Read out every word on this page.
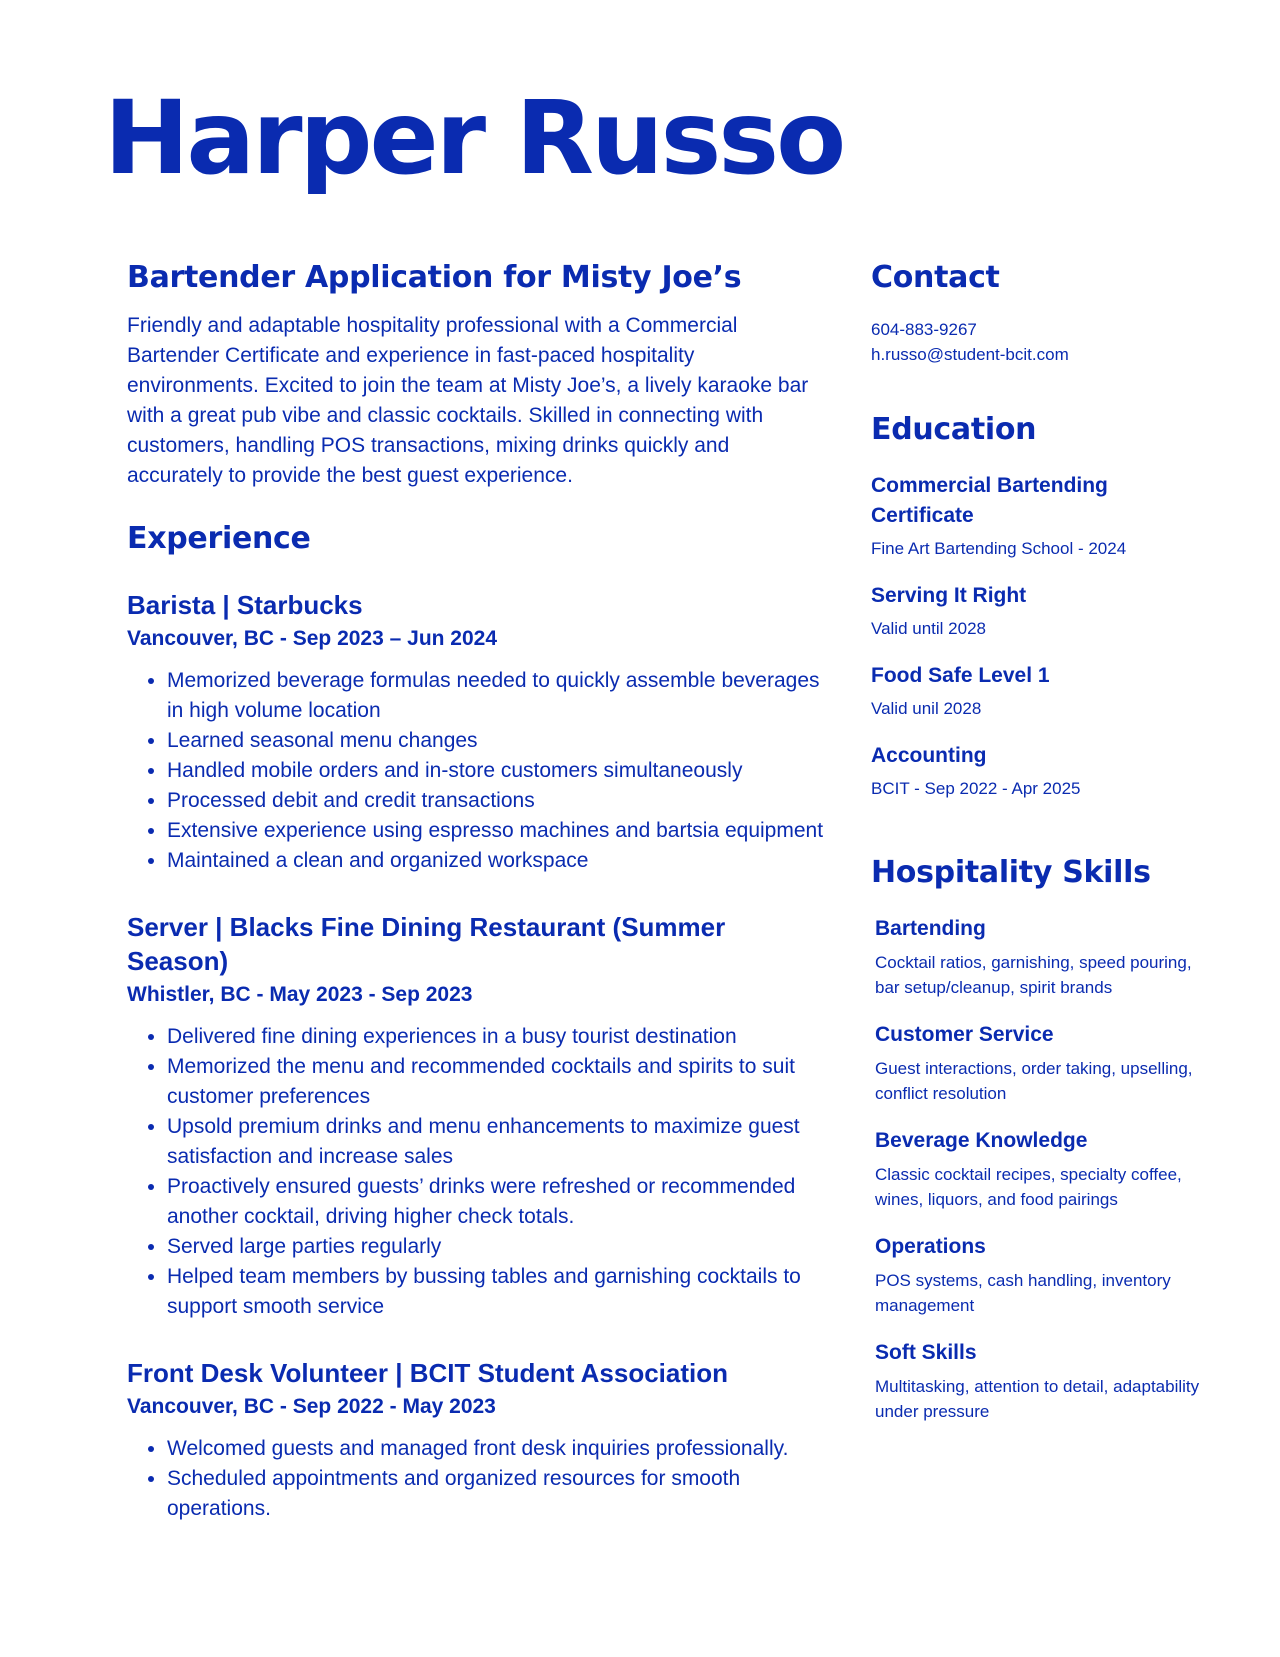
Harper Russo
Bartender Application for Misty Joe’s

Friendly and adaptable hospitality professional with a Commercial Bartender Certificate and experience in fast-paced hospitality environments. Excited to join the team at Misty Joe’s, a lively karaoke bar with a great pub vibe and classic cocktails. Skilled in connecting with customers, handling POS transactions, mixing drinks quickly and accurately to provide the best guest experience.

Experience

Barista | Starbucks

Vancouver, BC - Sep 2023 – Jun 2024

• Memorized beverage formulas needed to quickly assemble beverages in high volume location
• Learned seasonal menu changes
• Handled mobile orders and in-store customers simultaneously
• Processed debit and credit transactions
• Extensive experience using espresso machines and bartsia equipment
• Maintained a clean and organized workspace

Server | Blacks Fine Dining Restaurant (Summer Season)

Whistler, BC - May 2023 - Sep 2023

• Delivered fine dining experiences in a busy tourist destination
• Memorized the menu and recommended cocktails and spirits to suit customer preferences
• Upsold premium drinks and menu enhancements to maximize guest satisfaction and increase sales
• Proactively ensured guests’ drinks were refreshed or recommended another cocktail, driving higher check totals.
• Served large parties regularly
• Helped team members by bussing tables and garnishing cocktails to support smooth service

Front Desk Volunteer | BCIT Student Association

Vancouver, BC - Sep 2022 - May 2023

• Welcomed guests and managed front desk inquiries professionally.
• Scheduled appointments and organized resources for smooth operations.
Contact
604-883-9267
h.russo@student-bcit.com
Education

Commercial Bartending Certificate

Fine Art Bartending School - 2024

Serving It Right

Valid until 2028

Food Safe Level 1

Valid unil 2028

Accounting

BCIT - Sep 2022 - Apr 2025
Hospitality Skills

Bartending

Cocktail ratios, garnishing, speed pouring, bar setup/cleanup, spirit brands

Customer Service

Guest interactions, order taking, upselling, conflict resolution

Beverage Knowledge

Classic cocktail recipes, specialty coffee, wines, liquors, and food pairings

Operations

POS systems, cash handling, inventory management

Soft Skills

Multitasking, attention to detail, adaptability under pressure
